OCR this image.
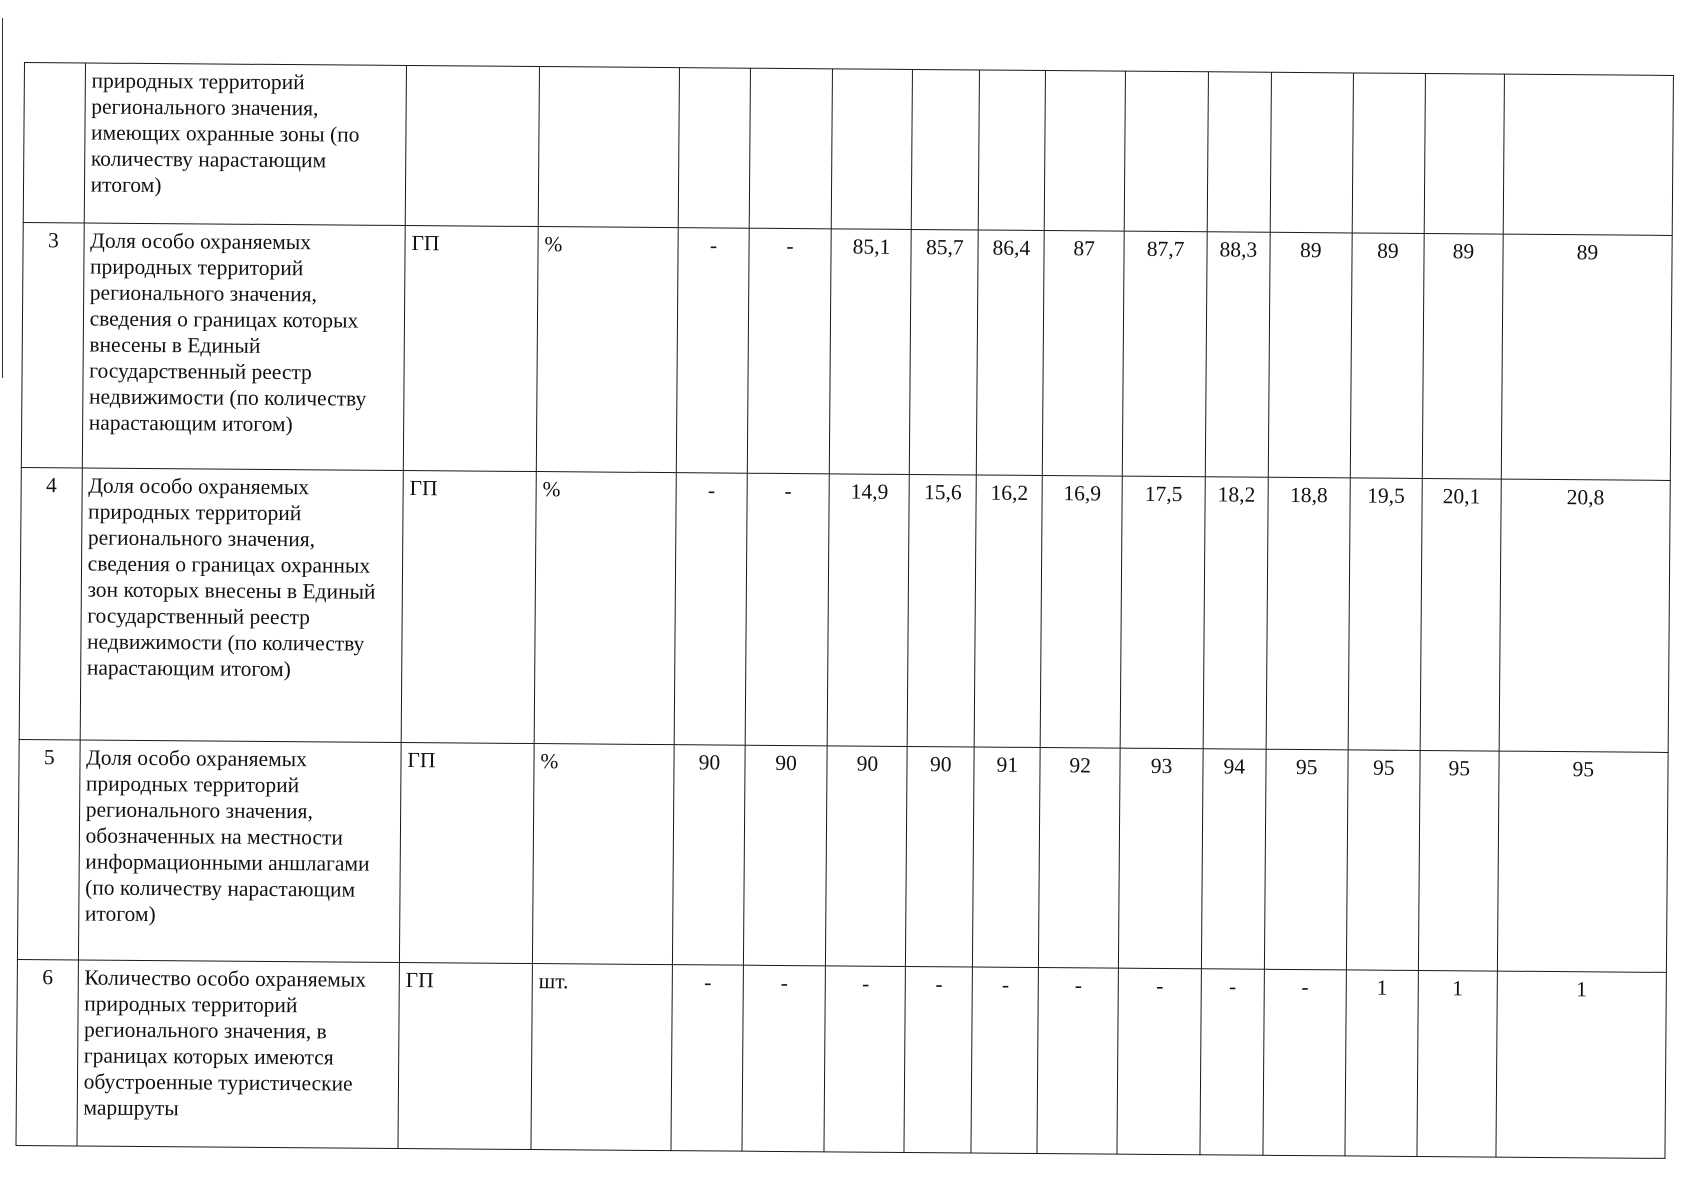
	природных территорий регионального значения, имеющих охранные зоны (по количеству нарастающим итогом)														
3	Доля особо охраняемых природных территорий регионального значения, сведения о границах которых внесены в Единый государственный реестр недвижимости (по количеству нарастающим итогом)	ГП	%	-	-	85,1	85,7	86,4	87	87,7	88,3	89	89	89	89
4	Доля особо охраняемых природных территорий регионального значения, сведения о границах охранных зон которых внесены в Единый государственный реестр недвижимости (по количеству нарастающим итогом)	ГП	%	-	-	14,9	15,6	16,2	16,9	17,5	18,2	18,8	19,5	20,1	20,8
5	Доля особо охраняемых природных территорий регионального значения, обозначенных на местности информационными аншлагами (по количеству нарастающим итогом)	ГП	%	90	90	90	90	91	92	93	94	95	95	95	95
6	Количество особо охраняемых природных территорий регионального значения, в границах которых имеются обустроенные туристические маршруты	ГП	шт.	-	-	-	-	-	-	-	-	-	1	1	1
